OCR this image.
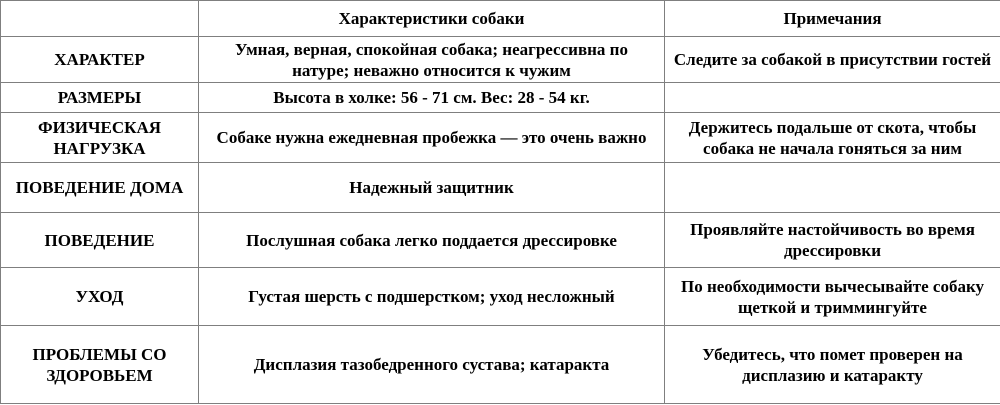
	Характеристики собаки	Примечания
ХАРАКТЕР	Умная, верная, спокойная собака; неагрессивна по натуре; неважно относится к чужим	Следите за собакой в присутствии гостей

РАЗМЕРЫ	Высота в холке: 56 - 71 см. Вес: 28 - 54 кг.	

ФИЗИЧЕСКАЯ НАГРУЗКА	Собаке нужна ежедневная пробежка — это очень важно	Держитесь подальше от скота, чтобы собака не начала гоняться за ним

ПОВЕДЕНИЕ ДОМА	Надежный защитник	

ПОВЕДЕНИЕ	Послушная собака легко поддается дрессировке	Проявляйте настойчивость во время дрессировки

УХОД	Густая шерсть с подшерстком; уход несложный	По необходимости вычесывайте собаку щеткой и триммингуйте

ПРОБЛЕМЫ СО ЗДОРОВЬЕМ	Дисплазия тазобедренного сустава; катаракта	Убедитесь, что помет проверен на дисплазию и катаракту
